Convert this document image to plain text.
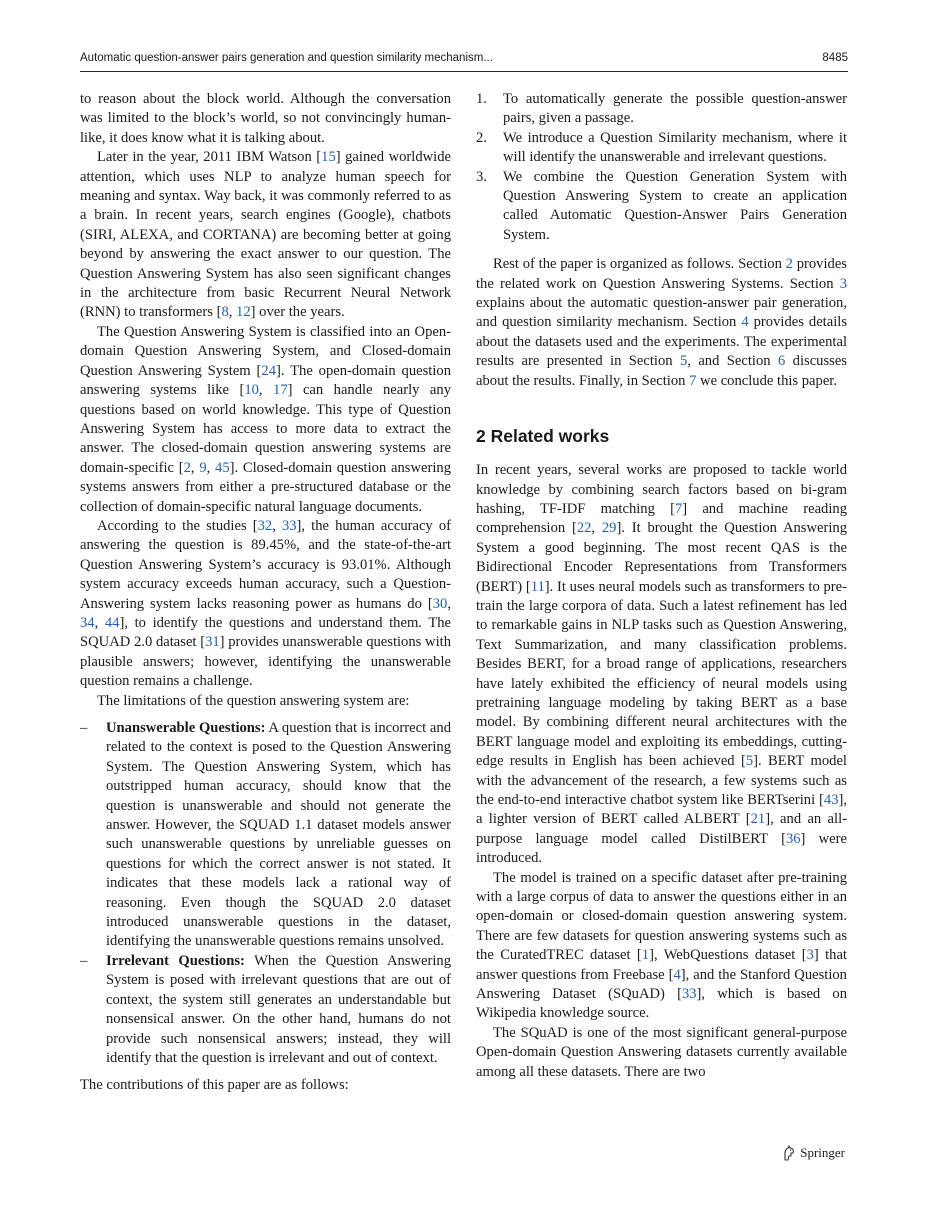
Automatic question-answer pairs generation and question similarity mechanism...	8485

to reason about the block world. Although the conversation was limited to the block’s world, so not convincingly human-like, it does know what it is talking about.

Later in the year, 2011 IBM Watson [15] gained worldwide attention, which uses NLP to analyze human speech for meaning and syntax. Way back, it was commonly referred to as a brain. In recent years, search engines (Google), chatbots (SIRI, ALEXA, and CORTANA) are becoming better at going beyond by answering the exact answer to our question. The Question Answering System has also seen significant changes in the architecture from basic Recurrent Neural Network (RNN) to transformers [8, 12] over the years.

The Question Answering System is classified into an Open-domain Question Answering System, and Closed-domain Question Answering System [24]. The open-domain question answering systems like [10, 17] can handle nearly any questions based on world knowledge. This type of Question Answering System has access to more data to extract the answer. The closed-domain question answering systems are domain-specific [2, 9, 45]. Closed-domain question answering systems answers from either a pre-structured database or the collection of domain-specific natural language documents.

According to the studies [32, 33], the human accuracy of answering the question is 89.45%, and the state-of-the-art Question Answering System’s accuracy is 93.01%. Although system accuracy exceeds human accuracy, such a Question-Answering system lacks reasoning power as humans do [30, 34, 44], to identify the questions and understand them. The SQUAD 2.0 dataset [31] provides unanswerable questions with plausible answers; however, identifying the unanswerable question remains a challenge.

The limitations of the question answering system are:

– Unanswerable Questions: A question that is incorrect and related to the context is posed to the Question Answering System. The Question Answering System, which has outstripped human accuracy, should know that the question is unanswerable and should not generate the answer. However, the SQUAD 1.1 dataset models answer such unanswerable questions by unreliable guesses on questions for which the correct answer is not stated. It indicates that these models lack a rational way of reasoning. Even though the SQUAD 2.0 dataset introduced unanswerable questions in the dataset, identifying the unanswerable questions remains unsolved.
– Irrelevant Questions: When the Question Answering System is posed with irrelevant questions that are out of context, the system still generates an understandable but nonsensical answer. On the other hand, humans do not provide such nonsensical answers; instead, they will identify that the question is irrelevant and out of context.

The contributions of this paper are as follows:

1. To automatically generate the possible question-answer pairs, given a passage.
2. We introduce a Question Similarity mechanism, where it will identify the unanswerable and irrelevant questions.
3. We combine the Question Generation System with Question Answering System to create an application called Automatic Question-Answer Pairs Generation System.

Rest of the paper is organized as follows. Section 2 provides the related work on Question Answering Systems. Section 3 explains about the automatic question-answer pair generation, and question similarity mechanism. Section 4 provides details about the datasets used and the experiments. The experimental results are presented in Section 5, and Section 6 discusses about the results. Finally, in Section 7 we conclude this paper.

2 Related works

In recent years, several works are proposed to tackle world knowledge by combining search factors based on bi-gram hashing, TF-IDF matching [7] and machine reading comprehension [22, 29]. It brought the Question Answering System a good beginning. The most recent QAS is the Bidirectional Encoder Representations from Transformers (BERT) [11]. It uses neural models such as transformers to pre-train the large corpora of data. Such a latest refinement has led to remarkable gains in NLP tasks such as Question Answering, Text Summarization, and many classification problems. Besides BERT, for a broad range of applications, researchers have lately exhibited the efficiency of neural models using pretraining language modeling by taking BERT as a base model. By combining different neural architectures with the BERT language model and exploiting its embeddings, cutting-edge results in English has been achieved [5]. BERT model with the advancement of the research, a few systems such as the end-to-end interactive chatbot system like BERTserini [43], a lighter version of BERT called ALBERT [21], and an all-purpose language model called DistilBERT [36] were introduced.

The model is trained on a specific dataset after pre-training with a large corpus of data to answer the questions either in an open-domain or closed-domain question answering system. There are few datasets for question answering systems such as the CuratedTREC dataset [1], WebQuestions dataset [3] that answer questions from Freebase [4], and the Stanford Question Answering Dataset (SQuAD) [33], which is based on Wikipedia knowledge source.

The SQuAD is one of the most significant general-purpose Open-domain Question Answering datasets currently available among all these datasets. There are two

Springer
